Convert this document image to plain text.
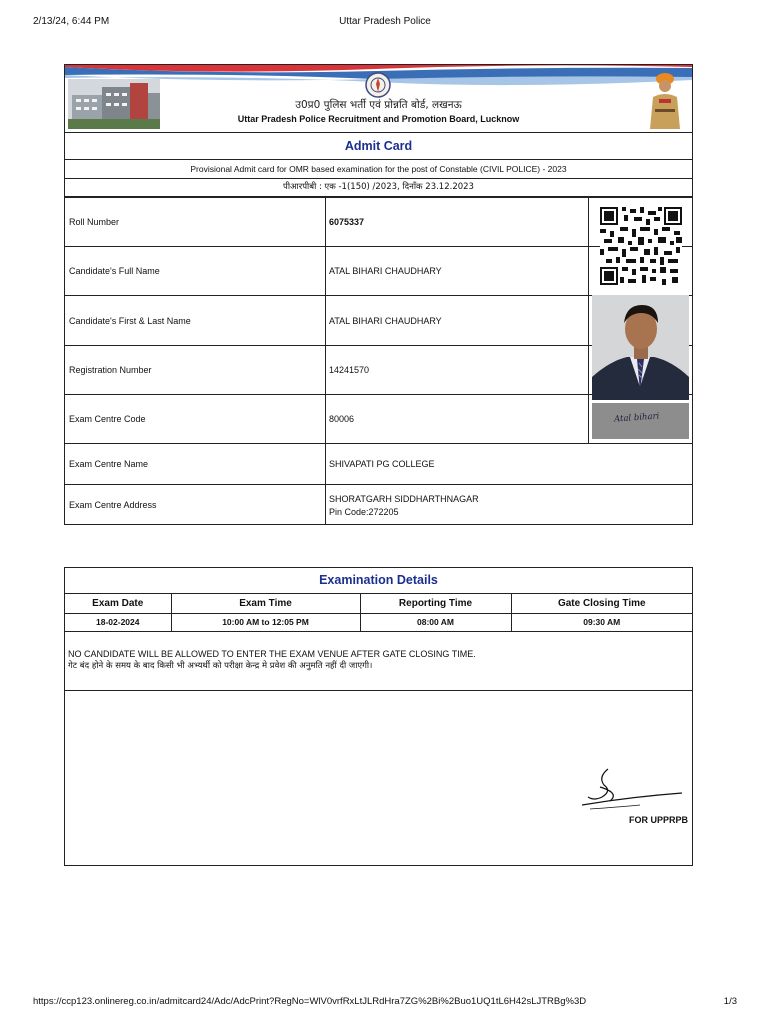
2/13/24, 6:44 PM	Uttar Pradesh Police
उ0प्र0 पुलिस भर्ती एवं प्रोन्नति बोर्ड, लखनऊ
Uttar Pradesh Police Recruitment and Promotion Board, Lucknow
Admit Card
Provisional Admit card for OMR based examination for the post of Constable (CIVIL POLICE) - 2023
पीआरपीबी : एक -1(150) /2023, दिनाँक 23.12.2023
Roll Number	6075337
Candidate's Full Name	ATAL BIHARI CHAUDHARY
Candidate's First & Last Name	ATAL BIHARI CHAUDHARY
Registration Number	14241570
Exam Centre Code	80006
Exam Centre Name	SHIVAPATI PG COLLEGE
Exam Centre Address
SHORATGARH SIDDHARTHNAGAR
Pin Code:272205
Atal bihari
Examination Details
Exam Date	Exam Time	Reporting Time	Gate Closing Time
18-02-2024	10:00 AM to 12:05 PM	08:00 AM	09:30 AM
NO CANDIDATE WILL BE ALLOWED TO ENTER THE EXAM VENUE AFTER GATE CLOSING TIME.
गेट बंद होने के समय के बाद किसी भी अभ्यर्थी को परीक्षा केन्द्र मे प्रवेश की अनुमति नहीं दी जाएगी।
FOR UPPRPB
https://ccp123.onlinereg.co.in/admitcard24/Adc/AdcPrint?RegNo=WlV0vrfRxLtJLRdHra7ZG%2Bi%2Buo1UQ1tL6H42sLJTRBg%3D	1/3
